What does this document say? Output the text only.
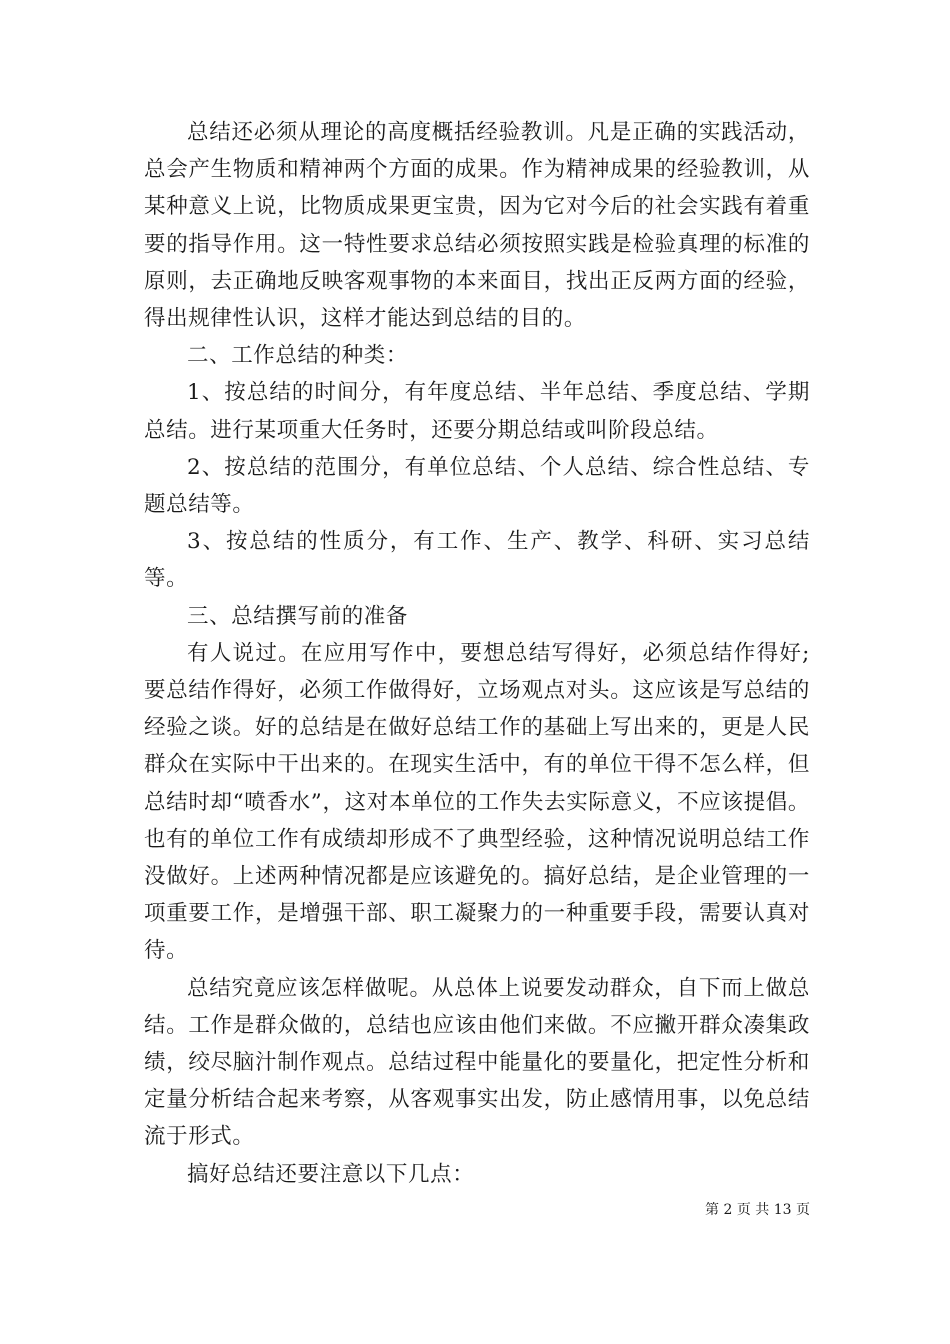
总结还必须从理论的高度概括经验教训。凡是正确的实践活动，总会产生物质和精神两个方面的成果。作为精神成果的经验教训，从某种意义上说，比物质成果更宝贵，因为它对今后的社会实践有着重要的指导作用。这一特性要求总结必须按照实践是检验真理的标准的原则，去正确地反映客观事物的本来面目，找出正反两方面的经验，得出规律性认识，这样才能达到总结的目的。

二、工作总结的种类：

1、按总结的时间分，有年度总结、半年总结、季度总结、学期总结。进行某项重大任务时，还要分期总结或叫阶段总结。

2、按总结的范围分，有单位总结、个人总结、综合性总结、专题总结等。

3、按总结的性质分，有工作、生产、教学、科研、实习总结等。

三、总结撰写前的准备

有人说过。在应用写作中，要想总结写得好，必须总结作得好;要总结作得好，必须工作做得好，立场观点对头。这应该是写总结的经验之谈。好的总结是在做好总结工作的基础上写出来的，更是人民群众在实际中干出来的。在现实生活中，有的单位干得不怎么样，但总结时却“喷香水”，这对本单位的工作失去实际意义，不应该提倡。也有的单位工作有成绩却形成不了典型经验，这种情况说明总结工作没做好。上述两种情况都是应该避免的。搞好总结，是企业管理的一项重要工作，是增强干部、职工凝聚力的一种重要手段，需要认真对待。

总结究竟应该怎样做呢。从总体上说要发动群众，自下而上做总结。工作是群众做的，总结也应该由他们来做。不应撇开群众凑集政绩，绞尽脑汁制作观点。总结过程中能量化的要量化，把定性分析和定量分析结合起来考察，从客观事实出发，防止感情用事，以免总结流于形式。

搞好总结还要注意以下几点：

第 2 页 共 13 页
